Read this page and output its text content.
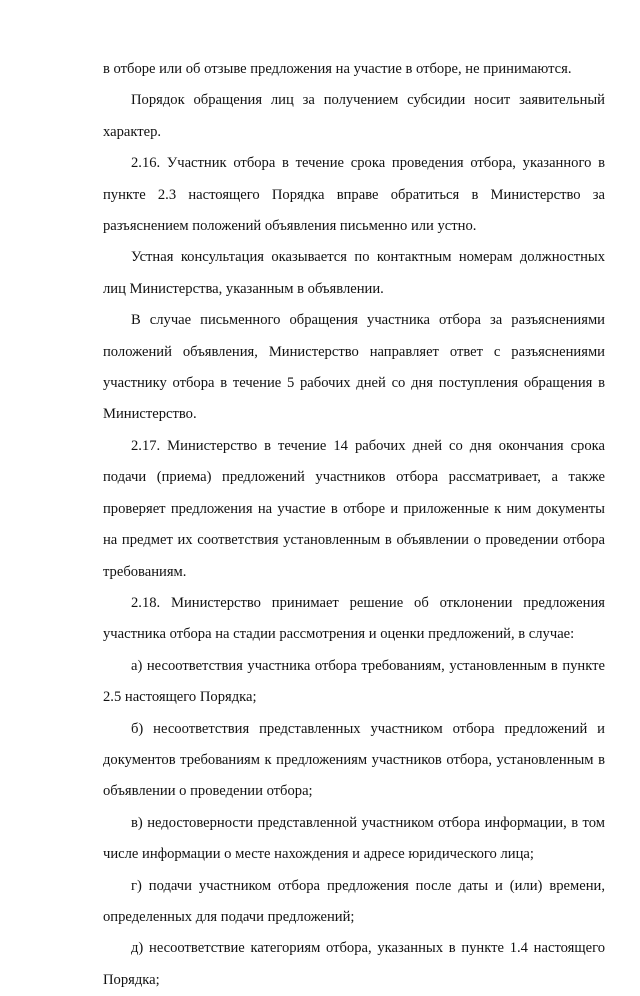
в отборе или об отзыве предложения на участие в отборе, не принимаются.

Порядок обращения лиц за получением субсидии носит заявительный характер.

2.16. Участник отбора в течение срока проведения отбора, указанного в пункте 2.3 настоящего Порядка вправе обратиться в Министерство за разъяснением положений объявления письменно или устно.

Устная консультация оказывается по контактным номерам должностных лиц Министерства, указанным в объявлении.

В случае письменного обращения участника отбора за разъяснениями положений объявления, Министерство направляет ответ с разъяснениями участнику отбора в течение 5 рабочих дней со дня поступления обращения в Министерство.

2.17. Министерство в течение 14 рабочих дней со дня окончания срока подачи (приема) предложений участников отбора рассматривает, а также проверяет предложения на участие в отборе и приложенные к ним документы на предмет их соответствия установленным в объявлении о проведении отбора требованиям.

2.18. Министерство принимает решение об отклонении предложения участника отбора на стадии рассмотрения и оценки предложений, в случае:

а) несоответствия участника отбора требованиям, установленным в пункте 2.5 настоящего Порядка;

б) несоответствия представленных участником отбора предложений и документов требованиям к предложениям участников отбора, установленным в объявлении о проведении отбора;

в) недостоверности представленной участником отбора информации, в том числе информации о месте нахождения и адресе юридического лица;

г) подачи участником отбора предложения после даты и (или) времени, определенных для подачи предложений;

д) несоответствие категориям отбора, указанных в пункте 1.4 настоящего Порядка;
